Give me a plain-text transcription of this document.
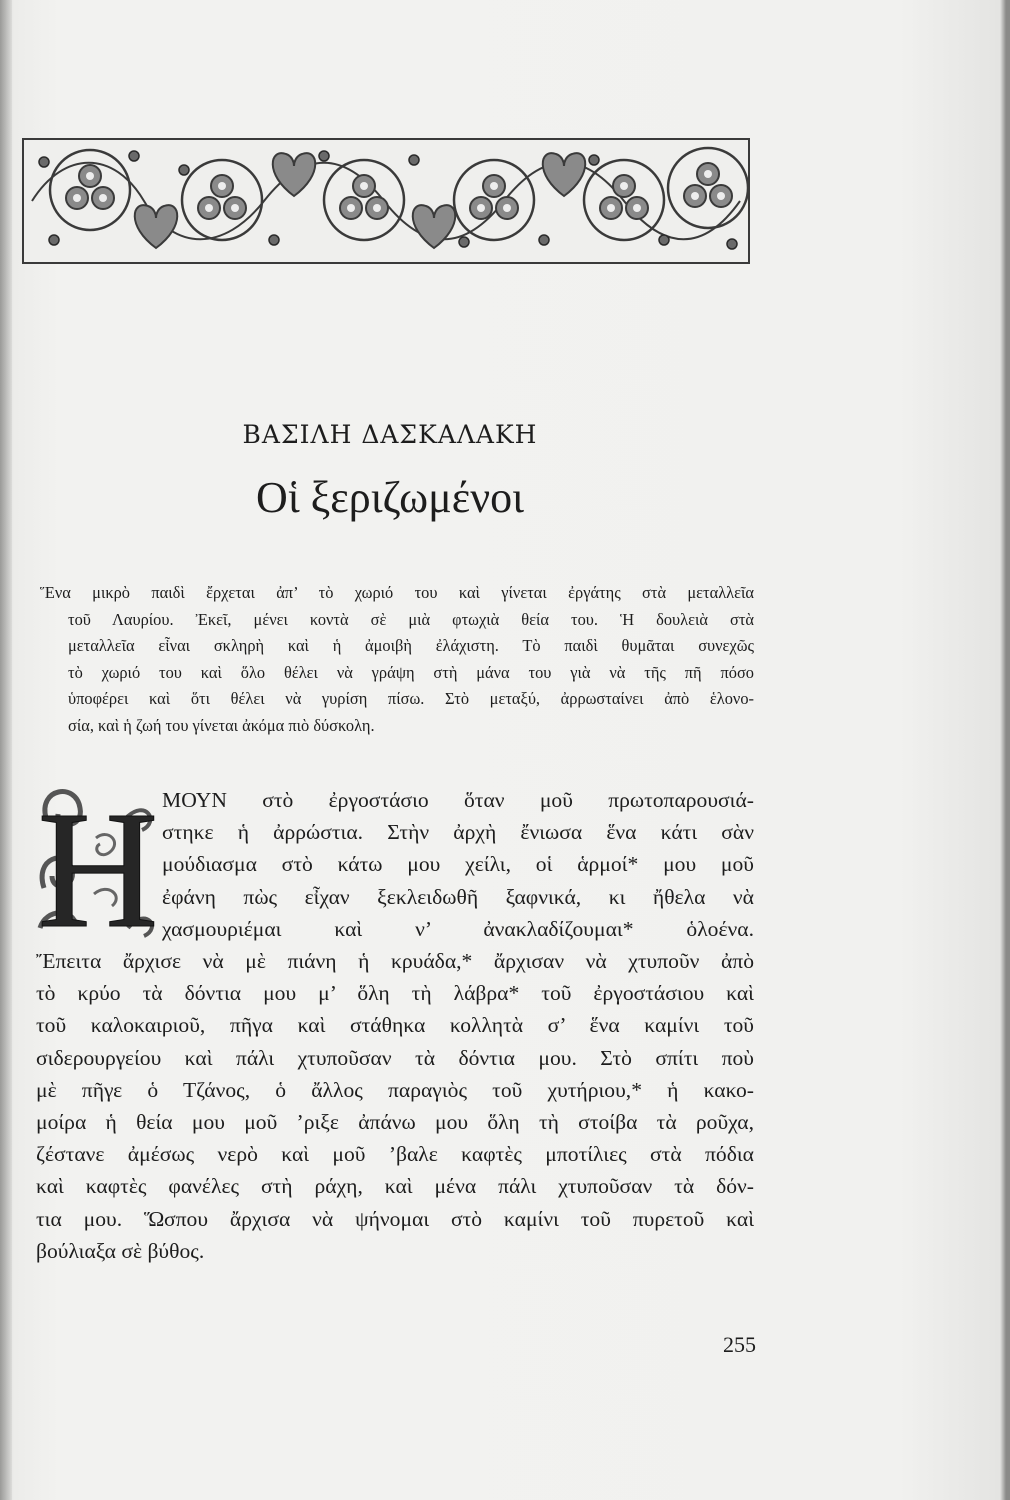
ΒΑΣΙΛΗ ΔΑΣΚΑΛΑΚΗ
Οἱ ξεριζωμένοι
Ἕνα μικρὸ παιδὶ ἔρχεται ἀπ’ τὸ χωριό του καὶ γίνεται ἐργάτης στὰ μεταλλεῖα
τοῦ Λαυρίου. Ἐκεῖ, μένει κοντὰ σὲ μιὰ φτωχιὰ θεία του. Ἡ δουλειὰ στὰ
μεταλλεῖα εἶναι σκληρὴ καὶ ἡ ἀμοιβὴ ἐλάχιστη. Τὸ παιδὶ θυμᾶται συνεχῶς
τὸ χωριό του καὶ ὅλο θέλει νὰ γράψη στὴ μάνα του γιὰ νὰ τῆς πῆ πόσο
ὑποφέρει καὶ ὅτι θέλει νὰ γυρίση πίσω. Στὸ μεταξύ, ἀρρωσταίνει ἀπὸ ἑλονο-
σία, καὶ ἡ ζωή του γίνεται ἀκόμα πιὸ δύσκολη.
Η ΜΟΥΝ στὸ ἐργοστάσιο ὅταν μοῦ πρωτοπαρουσιά-
στηκε ἡ ἀρρώστια. Στὴν ἀρχὴ ἔνιωσα ἕνα κάτι σὰν
μούδιασμα στὸ κάτω μου χείλι, οἱ ἁρμοί* μου μοῦ
ἐφάνη πὼς εἶχαν ξεκλειδωθῆ ξαφνικά, κι ἤθελα νὰ
χασμουριέμαι καὶ ν’ ἀνακλαδίζουμαι* ὁλοένα.
Ἔπειτα ἄρχισε νὰ μὲ πιάνη ἡ κρυάδα,* ἄρχισαν νὰ χτυποῦν ἀπὸ
τὸ κρύο τὰ δόντια μου μ’ ὅλη τὴ λάβρα* τοῦ ἐργοστάσιου καὶ
τοῦ καλοκαιριοῦ, πῆγα καὶ στάθηκα κολλητὰ σ’ ἕνα καμίνι τοῦ
σιδερουργείου καὶ πάλι χτυποῦσαν τὰ δόντια μου. Στὸ σπίτι ποὺ
μὲ πῆγε ὁ Τζάνος, ὁ ἄλλος παραγιὸς τοῦ χυτήριου,* ἡ κακο-
μοίρα ἡ θεία μου μοῦ ’ριξε ἀπάνω μου ὅλη τὴ στοίβα τὰ ροῦχα,
ζέστανε ἀμέσως νερὸ καὶ μοῦ ’βαλε καφτὲς μποτίλιες στὰ πόδια
καὶ καφτὲς φανέλες στὴ ράχη, καὶ μένα πάλι χτυποῦσαν τὰ δόν-
τια μου. Ὥσπου ἄρχισα νὰ ψήνομαι στὸ καμίνι τοῦ πυρετοῦ καὶ
βούλιαξα σὲ βύθος.
255
